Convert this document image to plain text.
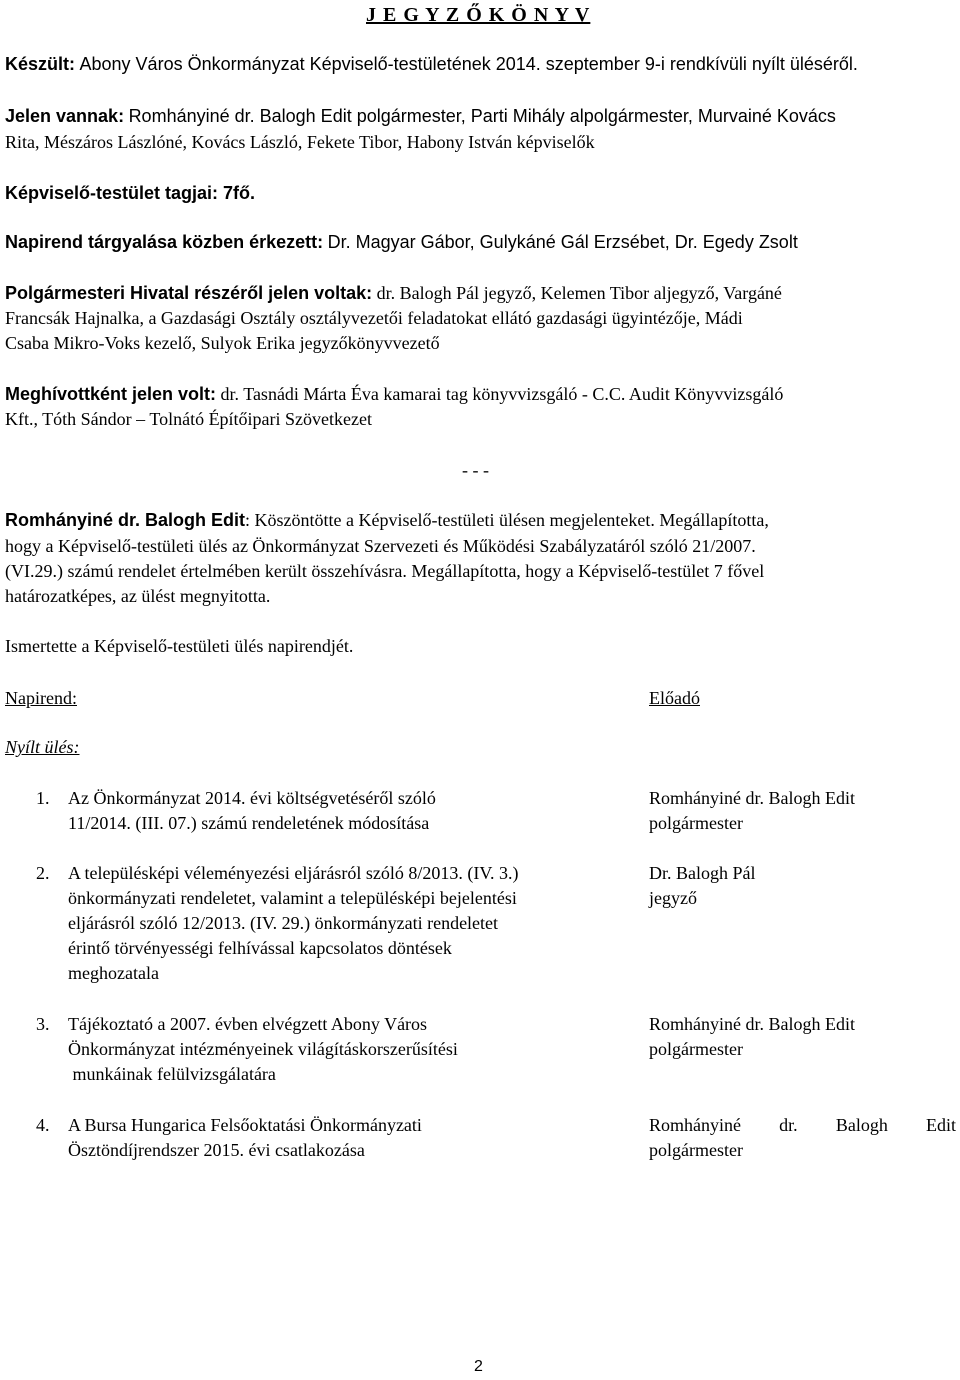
J E G Y Z Ő K Ö N Y V
Készült: Abony Város Önkormányzat Képviselő-testületének 2014. szeptember 9-i rendkívüli nyílt üléséről.
Jelen vannak: Romhányiné dr. Balogh Edit polgármester, Parti Mihály alpolgármester, Murvainé Kovács
Rita, Mészáros Lászlóné, Kovács László, Fekete Tibor, Habony István képviselők
Képviselő-testület tagjai: 7fő.
Napirend tárgyalása közben érkezett: Dr. Magyar Gábor, Gulykáné Gál Erzsébet, Dr. Egedy Zsolt
Polgármesteri Hivatal részéről jelen voltak: dr. Balogh Pál jegyző, Kelemen Tibor aljegyző, Vargáné
Francsák Hajnalka, a Gazdasági Osztály osztályvezetői feladatokat ellátó gazdasági ügyintézője, Mádi
Csaba Mikro-Voks kezelő, Sulyok Erika jegyzőkönyvvezető
Meghívottként jelen volt: dr. Tasnádi Márta Éva kamarai tag könyvvizsgáló - C.C. Audit Könyvvizsgáló
Kft., Tóth Sándor – Tolnátó Építőipari Szövetkezet
- - -
Romhányiné dr. Balogh Edit: Köszöntötte a Képviselő-testületi ülésen megjelenteket. Megállapította,
hogy a Képviselő-testületi ülés az Önkormányzat Szervezeti és Működési Szabályzatáról szóló 21/2007.
(VI.29.) számú rendelet értelmében került összehívásra. Megállapította, hogy a Képviselő-testület 7 fővel
határozatképes, az ülést megnyitotta.
Ismertette a Képviselő-testületi ülés napirendjét.
Napirend:	Előadó
Nyílt ülés:
1. Az Önkormányzat 2014. évi költségvetéséről szóló
11/2014. (III. 07.) számú rendeletének módosítása
Romhányiné dr. Balogh Edit
polgármester
2. A településképi véleményezési eljárásról szóló 8/2013. (IV. 3.)
önkormányzati rendeletet, valamint a településképi bejelentési
eljárásról szóló 12/2013. (IV. 29.) önkormányzati rendeletet
érintő törvényességi felhívással kapcsolatos döntések
meghozatala
Dr. Balogh Pál
jegyző
3. Tájékoztató a 2007. évben elvégzett Abony Város
Önkormányzat intézményeinek világításkorszerűsítési
munkáinak felülvizsgálatára
Romhányiné dr. Balogh Edit
polgármester
4. A Bursa Hungarica Felsőoktatási Önkormányzati
Ösztöndíjrendszer 2015. évi csatlakozása
Romhányiné dr. Balogh Edit
polgármester
2
